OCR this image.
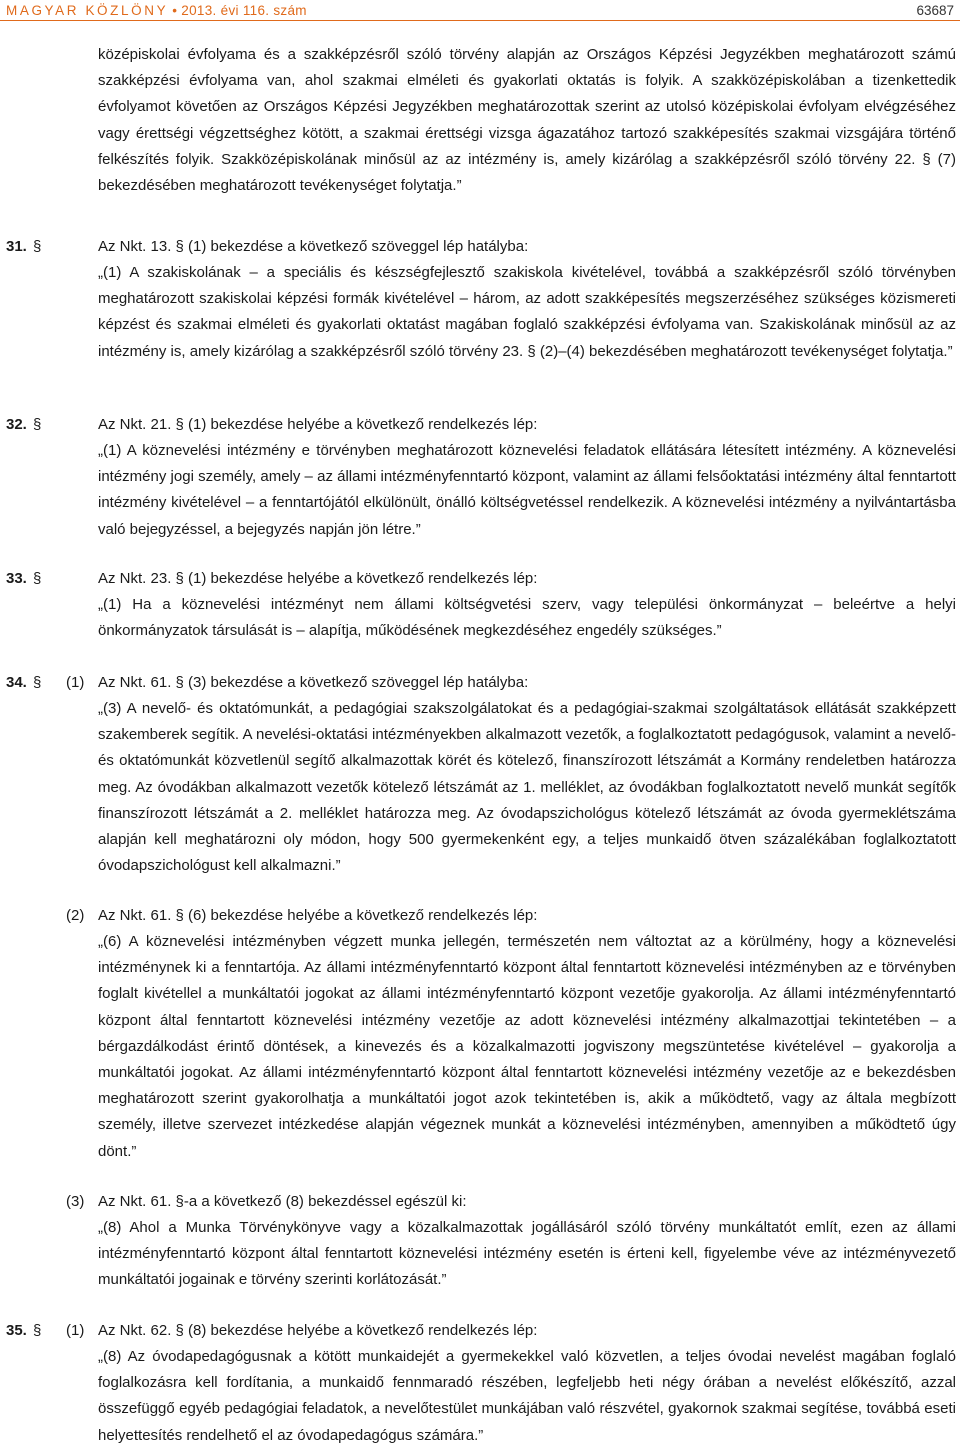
MAGYAR KÖZLÖNY • 2013. évi 116. szám	63687

középiskolai évfolyama és a szakképzésről szóló törvény alapján az Országos Képzési Jegyzékben meghatározott számú szakképzési évfolyama van, ahol szakmai elméleti és gyakorlati oktatás is folyik. A szakközépiskolában a tizenkettedik évfolyamot követően az Országos Képzési Jegyzékben meghatározottak szerint az utolsó középiskolai évfolyam elvégzéséhez vagy érettségi végzettséghez kötött, a szakmai érettségi vizsga ágazatához tartozó szakképesítés szakmai vizsgájára történő felkészítés folyik. Szakközépiskolának minősül az az intézmény is, amely kizárólag a szakképzésről szóló törvény 22. § (7) bekezdésében meghatározott tevékenységet folytatja.”

31. §	Az Nkt. 13. § (1) bekezdése a következő szöveggel lép hatályba:

„(1) A szakiskolának – a speciális és készségfejlesztő szakiskola kivételével, továbbá a szakképzésről szóló törvényben meghatározott szakiskolai képzési formák kivételével – három, az adott szakképesítés megszerzéséhez szükséges közismereti képzést és szakmai elméleti és gyakorlati oktatást magában foglaló szakképzési évfolyama van. Szakiskolának minősül az az intézmény is, amely kizárólag a szakképzésről szóló törvény 23. § (2)–(4) bekezdésében meghatározott tevékenységet folytatja.”

32. §	Az Nkt. 21. § (1) bekezdése helyébe a következő rendelkezés lép:

„(1) A köznevelési intézmény e törvényben meghatározott köznevelési feladatok ellátására létesített intézmény. A köznevelési intézmény jogi személy, amely – az állami intézményfenntartó központ, valamint az állami felsőoktatási intézmény által fenntartott intézmény kivételével – a fenntartójától elkülönült, önálló költségvetéssel rendelkezik. A köznevelési intézmény a nyilvántartásba való bejegyzéssel, a bejegyzés napján jön létre.”

33. §	Az Nkt. 23. § (1) bekezdése helyébe a következő rendelkezés lép:

„(1) Ha a köznevelési intézményt nem állami költségvetési szerv, vagy települési önkormányzat – beleértve a helyi önkormányzatok társulását is – alapítja, működésének megkezdéséhez engedély szükséges.”

34. § (1) Az Nkt. 61. § (3) bekezdése a következő szöveggel lép hatályba:

„(3) A nevelő- és oktatómunkát, a pedagógiai szakszolgálatokat és a pedagógiai-szakmai szolgáltatások ellátását szakképzett szakemberek segítik. A nevelési-oktatási intézményekben alkalmazott vezetők, a foglalkoztatott pedagógusok, valamint a nevelő- és oktatómunkát közvetlenül segítő alkalmazottak körét és kötelező, finanszírozott létszámát a Kormány rendeletben határozza meg. Az óvodákban alkalmazott vezetők kötelező létszámát az 1. melléklet, az óvodákban foglalkoztatott nevelő munkát segítők finanszírozott létszámát a 2. melléklet határozza meg. Az óvodapszichológus kötelező létszámát az óvoda gyermeklétszáma alapján kell meghatározni oly módon, hogy 500 gyermekenként egy, a teljes munkaidő ötven százalékában foglalkoztatott óvodapszichológust kell alkalmazni.”

(2) Az Nkt. 61. § (6) bekezdése helyébe a következő rendelkezés lép:

„(6) A köznevelési intézményben végzett munka jellegén, természetén nem változtat az a körülmény, hogy a köznevelési intézménynek ki a fenntartója. Az állami intézményfenntartó központ által fenntartott köznevelési intézményben az e törvényben foglalt kivétellel a munkáltatói jogokat az állami intézményfenntartó központ vezetője gyakorolja. Az állami intézményfenntartó központ által fenntartott köznevelési intézmény vezetője az adott köznevelési intézmény alkalmazottjai tekintetében – a bérgazdálkodást érintő döntések, a kinevezés és a közalkalmazotti jogviszony megszüntetése kivételével – gyakorolja a munkáltatói jogokat. Az állami intézményfenntartó központ által fenntartott köznevelési intézmény vezetője az e bekezdésben meghatározott szerint gyakorolhatja a munkáltatói jogot azok tekintetében is, akik a működtető, vagy az általa megbízott személy, illetve szervezet intézkedése alapján végeznek munkát a köznevelési intézményben, amennyiben a működtető úgy dönt.”

(3) Az Nkt. 61. §-a a következő (8) bekezdéssel egészül ki:

„(8) Ahol a Munka Törvénykönyve vagy a közalkalmazottak jogállásáról szóló törvény munkáltatót említ, ezen az állami intézményfenntartó központ által fenntartott köznevelési intézmény esetén is érteni kell, figyelembe véve az intézményvezető munkáltatói jogainak e törvény szerinti korlátozását.”

35. § (1) Az Nkt. 62. § (8) bekezdése helyébe a következő rendelkezés lép:

„(8) Az óvodapedagógusnak a kötött munkaidejét a gyermekekkel való közvetlen, a teljes óvodai nevelést magában foglaló foglalkozásra kell fordítania, a munkaidő fennmaradó részében, legfeljebb heti négy órában a nevelést előkészítő, azzal összefüggő egyéb pedagógiai feladatok, a nevelőtestület munkájában való részvétel, gyakornok szakmai segítése, továbbá eseti helyettesítés rendelhető el az óvodapedagógus számára.”
